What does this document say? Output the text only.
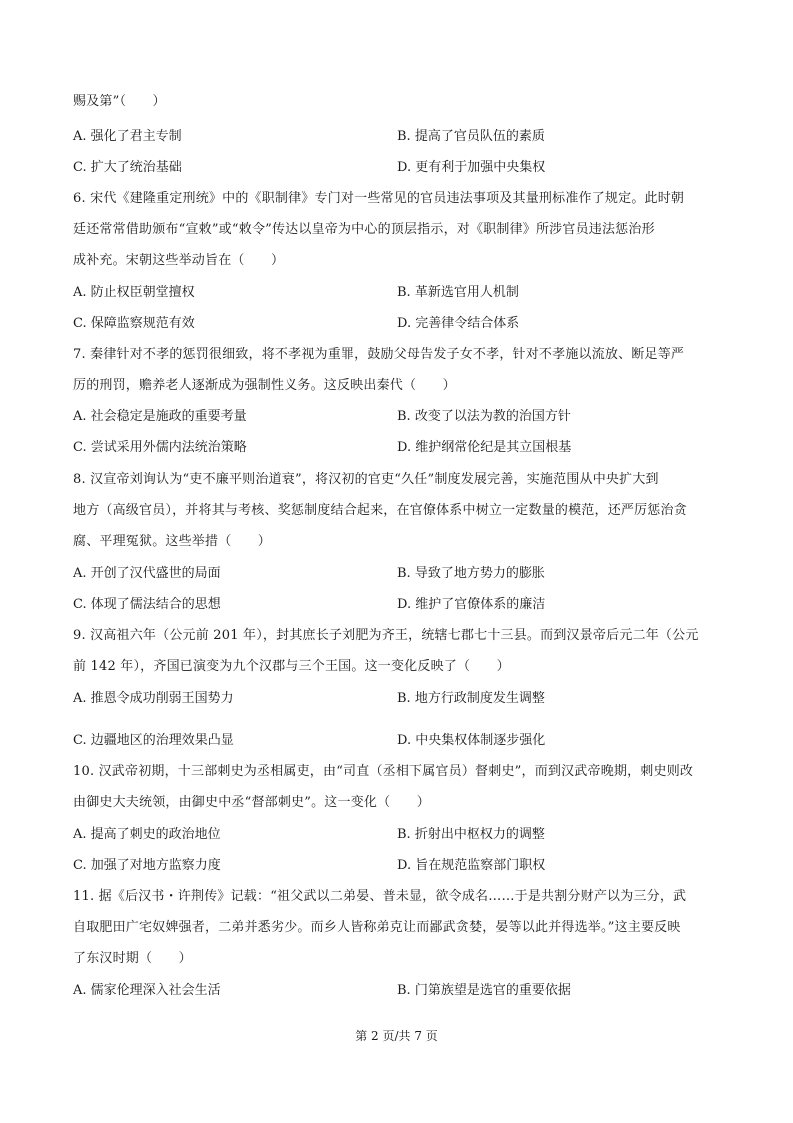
赐及第”（　　）
A. 强化了君主专制	B. 提高了官员队伍的素质
C. 扩大了统治基础	D. 更有利于加强中央集权
6. 宋代《建隆重定刑统》中的《职制律》专门对一些常见的官员违法事项及其量刑标准作了规定。此时朝
廷还常常借助颁布“宣敕”或“敕令”传达以皇帝为中心的顶层指示，对《职制律》所涉官员违法惩治形
成补充。宋朝这些举动旨在（　　）
A. 防止权臣朝堂擅权	B. 革新选官用人机制
C. 保障监察规范有效	D. 完善律令结合体系
7. 秦律针对不孝的惩罚很细致，将不孝视为重罪，鼓励父母告发子女不孝，针对不孝施以流放、断足等严
厉的刑罚，赡养老人逐渐成为强制性义务。这反映出秦代（　　）
A. 社会稳定是施政的重要考量	B. 改变了以法为教的治国方针
C. 尝试采用外儒内法统治策略	D. 维护纲常伦纪是其立国根基
8. 汉宣帝刘询认为“吏不廉平则治道衰”，将汉初的官吏“久任”制度发展完善，实施范围从中央扩大到
地方（高级官员），并将其与考核、奖惩制度结合起来，在官僚体系中树立一定数量的模范，还严厉惩治贪
腐、平理冤狱。这些举措（　　）
A. 开创了汉代盛世的局面	B. 导致了地方势力的膨胀
C. 体现了儒法结合的思想	D. 维护了官僚体系的廉洁
9. 汉高祖六年（公元前 201 年），封其庶长子刘肥为齐王，统辖七郡七十三县。而到汉景帝后元二年（公元
前 142 年），齐国已演变为九个汉郡与三个王国。这一变化反映了（　　）
A. 推恩令成功削弱王国势力	B. 地方行政制度发生调整
C. 边疆地区的治理效果凸显	D. 中央集权体制逐步强化
10. 汉武帝初期，十三部刺史为丞相属吏，由“司直（丞相下属官员）督刺史”，而到汉武帝晚期，刺史则改
由御史大夫统领，由御史中丞“督部刺史”。这一变化（　　）
A. 提高了刺史的政治地位	B. 折射出中枢权力的调整
C. 加强了对地方监察力度	D. 旨在规范监察部门职权
11. 据《后汉书・许荆传》记载：“祖父武以二弟晏、普未显，欲令成名……于是共割分财产以为三分，武
自取肥田广宅奴婢强者，二弟并悉劣少。而乡人皆称弟克让而鄙武贪婪，晏等以此并得选举。”这主要反映
了东汉时期（　　）
A. 儒家伦理深入社会生活	B. 门第族望是选官的重要依据
第 2 页/共 7 页
